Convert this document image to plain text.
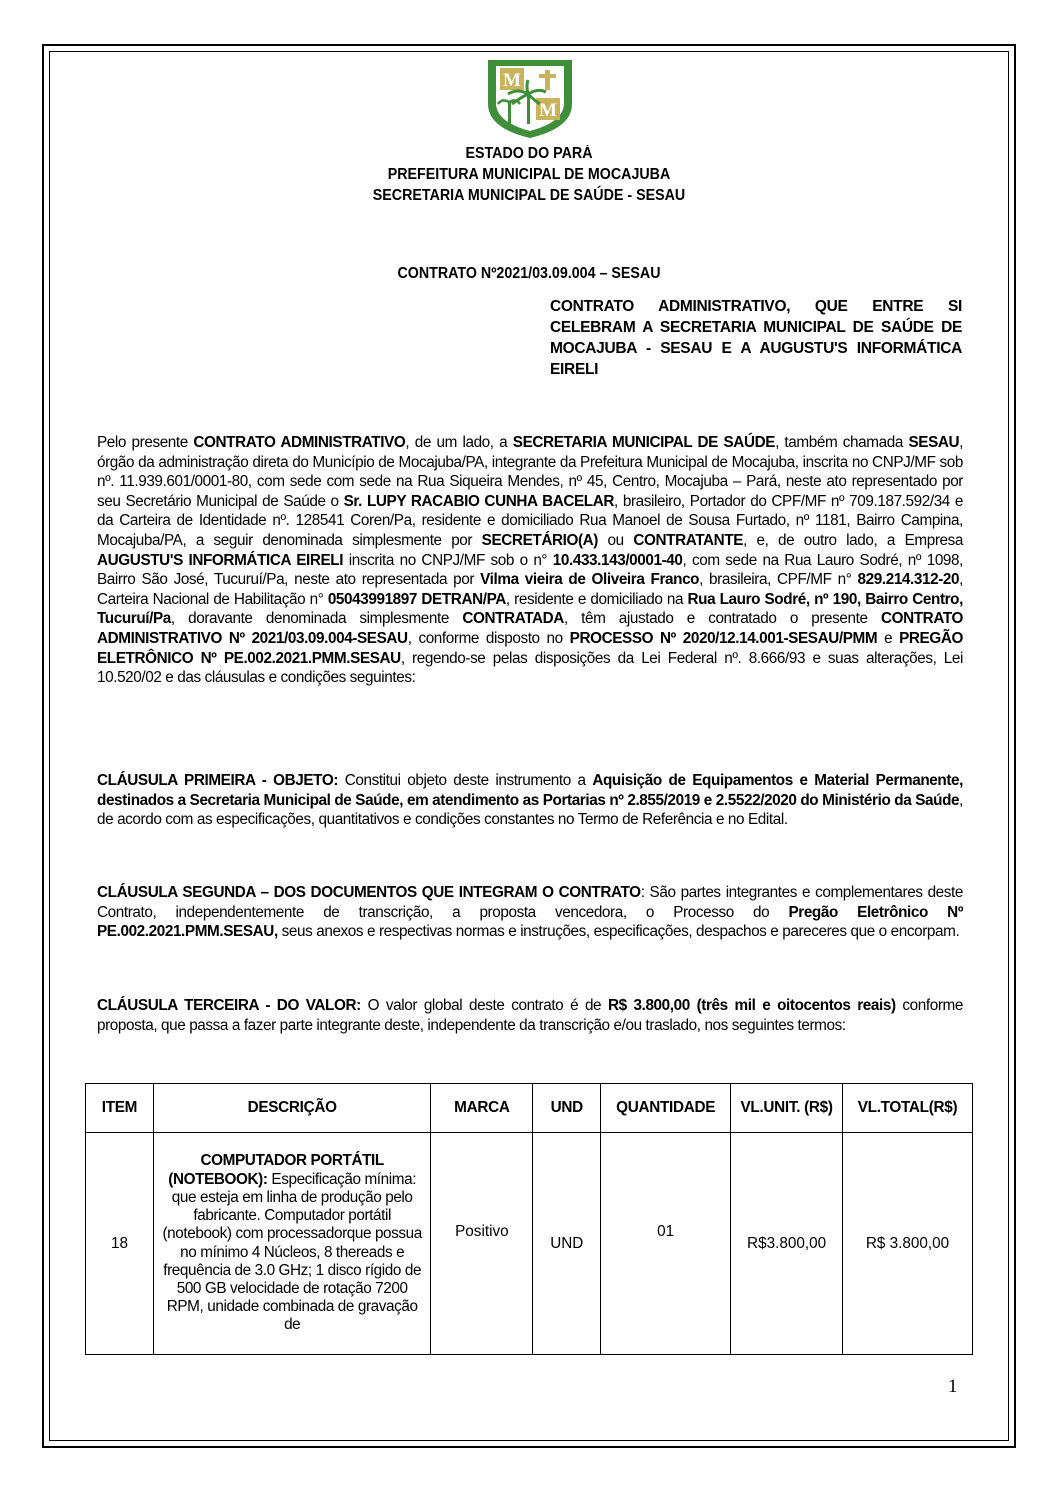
M
M
ESTADO DO PARÁ
PREFEITURA MUNICIPAL DE MOCAJUBA
SECRETARIA MUNICIPAL DE SAÚDE - SESAU
CONTRATO Nº2021/03.09.004 – SESAU
CONTRATO ADMINISTRATIVO, QUE ENTRE SI CELEBRAM A SECRETARIA MUNICIPAL DE SAÚDE DE MOCAJUBA - SESAU E A AUGUSTU'S INFORMÁTICA EIRELI
Pelo presente CONTRATO ADMINISTRATIVO, de um lado, a SECRETARIA MUNICIPAL DE SAÚDE, também chamada SESAU, órgão da administração direta do Município de Mocajuba/PA, integrante da Prefeitura Municipal de Mocajuba, inscrita no CNPJ/MF sob nº. 11.939.601/0001-80, com sede com sede na Rua Siqueira Mendes, nº 45, Centro, Mocajuba – Pará, neste ato representado por seu Secretário Municipal de Saúde o Sr. LUPY RACABIO CUNHA BACELAR, brasileiro, Portador do CPF/MF nº 709.187.592/34 e da Carteira de Identidade nº. 128541 Coren/Pa, residente e domiciliado Rua Manoel de Sousa Furtado, nº 1181, Bairro Campina, Mocajuba/PA, a seguir denominada simplesmente por SECRETÁRIO(A) ou CONTRATANTE, e, de outro lado, a Empresa AUGUSTU'S INFORMÁTICA EIRELI inscrita no CNPJ/MF sob o n° 10.433.143/0001-40, com sede na Rua Lauro Sodré, nº 1098, Bairro São José, Tucuruí/Pa, neste ato representada por Vilma vieira de Oliveira Franco, brasileira, CPF/MF n° 829.214.312-20, Carteira Nacional de Habilitação n° 05043991897 DETRAN/PA, residente e domiciliado na Rua Lauro Sodré, nº 190, Bairro Centro, Tucuruí/Pa, doravante denominada simplesmente CONTRATADA, têm ajustado e contratado o presente CONTRATO ADMINISTRATIVO Nº 2021/03.09.004-SESAU, conforme disposto no PROCESSO Nº 2020/12.14.001-SESAU/PMM e PREGÃO ELETRÔNICO Nº PE.002.2021.PMM.SESAU, regendo-se pelas disposições da Lei Federal nº. 8.666/93 e suas alterações, Lei 10.520/02 e das cláusulas e condições seguintes:
CLÁUSULA PRIMEIRA - OBJETO: Constitui objeto deste instrumento a Aquisição de Equipamentos e Material Permanente, destinados a Secretaria Municipal de Saúde, em atendimento as Portarias nº 2.855/2019 e 2.5522/2020 do Ministério da Saúde, de acordo com as especificações, quantitativos e condições constantes no Termo de Referência e no Edital.
CLÁUSULA SEGUNDA – DOS DOCUMENTOS QUE INTEGRAM O CONTRATO: São partes integrantes e complementares deste Contrato, independentemente de transcrição, a proposta vencedora, o Processo do Pregão Eletrônico Nº PE.002.2021.PMM.SESAU, seus anexos e respectivas normas e instruções, especificações, despachos e pareceres que o encorpam.
CLÁUSULA TERCEIRA - DO VALOR: O valor global deste contrato é de R$ 3.800,00 (três mil e oitocentos reais) conforme proposta, que passa a fazer parte integrante deste, independente da transcrição e/ou traslado, nos seguintes termos:
ITEM	DESCRIÇÃO	MARCA	UND	QUANTIDADE	VL.UNIT. (R$)	VL.TOTAL(R$)
18	COMPUTADOR PORTÁTIL (NOTEBOOK): Especificação mínima: que esteja em linha de produção pelo fabricante. Computador portátil (notebook) com processadorque possua no mínimo 4 Núcleos, 8 thereads e frequência de 3.0 GHz; 1 disco rígido de 500 GB velocidade de rotação 7200 RPM, unidade combinada de gravação de	Positivo	UND	01	R$3.800,00	R$ 3.800,00
1
